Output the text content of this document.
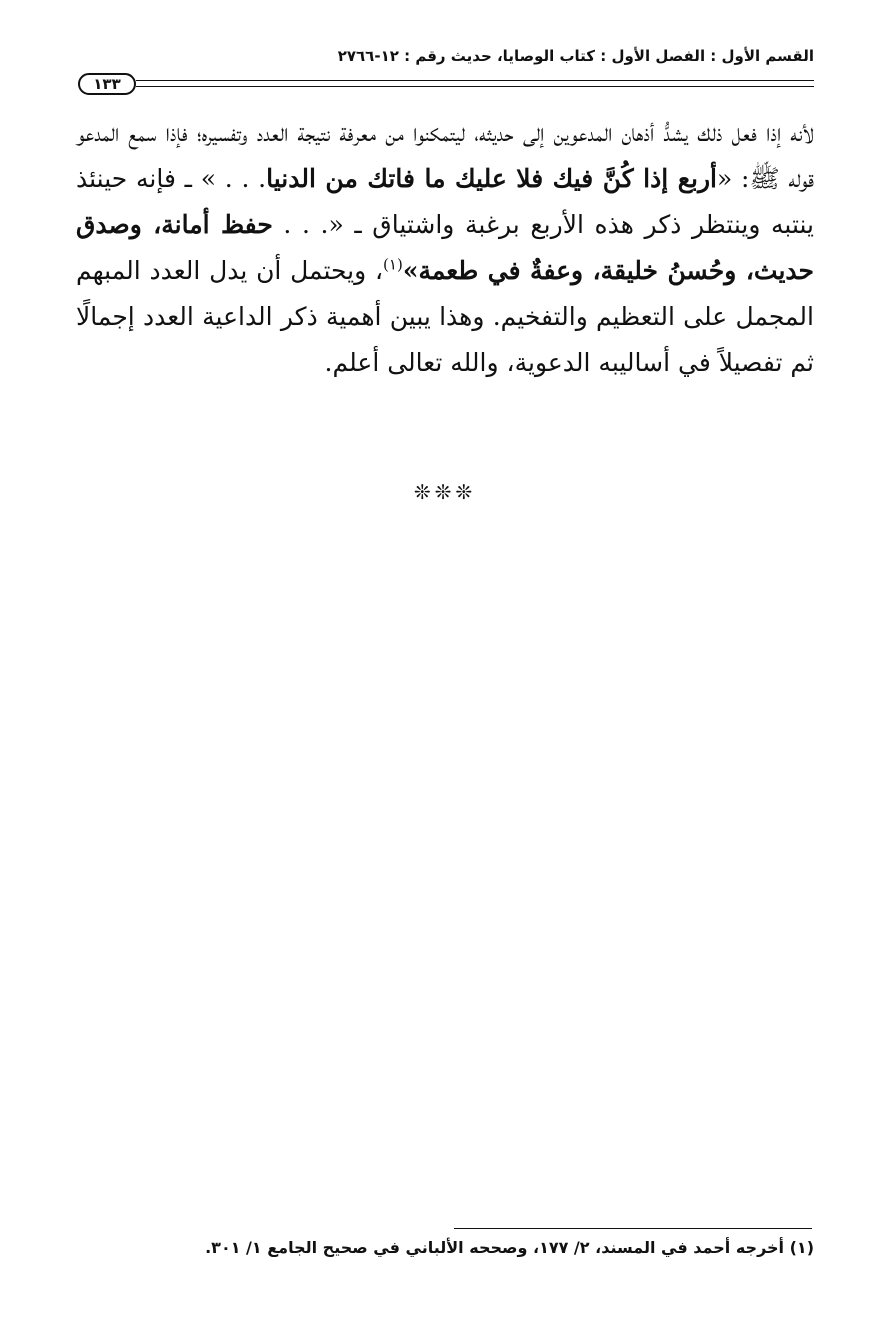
القسم الأول : الفصل الأول : كتاب الوصايا، حديث رقم : ١٢-٢٧٦٦
١٣٣

لأنه إذا فعل ذلك يشدُّ أذهان المدعوين إلى حديثه، ليتمكنوا من معرفة نتيجة العدد وتفسيره؛ فإذا سمع المدعو قوله ﷺ: «أربع إذا كُنَّ فيك فلا عليك ما فاتك من الدنيا. . . » ـ فإنه حينئذ ينتبه وينتظر ذكر هذه الأربع برغبة واشتياق ـ «. . . حفظ أمانة، وصدق حديث، وحُسنُ خليقة، وعفةٌ في طعمة»$^{(١)}$، ويحتمل أن يدل العدد المبهم المجمل على التعظيم والتفخيم. وهذا يبين أهمية ذكر الداعية العدد إجمالًا ثم تفصيلاً في أساليبه الدعوية، والله تعالى أعلم.

❊❊❊
(١) أخرجه أحمد في المسند، ٢/ ١٧٧، وصححه الألباني في صحيح الجامع ١/ ٣٠١.
